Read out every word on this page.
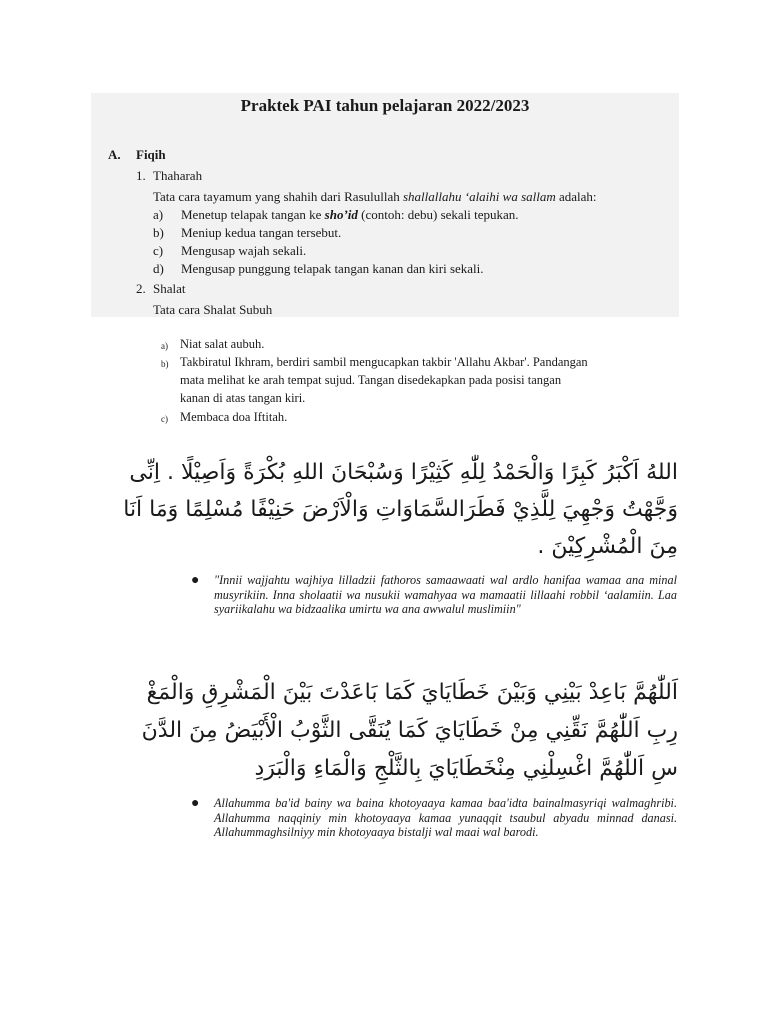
Praktek PAI tahun pelajaran 2022/2023
A. Fiqih
1. Thaharah
Tata cara tayamum yang shahih dari Rasulullah shallallahu ‘alaihi wa sallam adalah:
a) Menetup telapak tangan ke sho’id (contoh: debu) sekali tepukan.
b) Meniup kedua tangan tersebut.
c) Mengusap wajah sekali.
d) Mengusap punggung telapak tangan kanan dan kiri sekali.
2. Shalat
Tata cara Shalat Subuh
a) Niat salat aubuh.
b) Takbiratul Ikhram, berdiri sambil mengucapkan takbir 'Allahu Akbar'. Pandangan
mata melihat ke arah tempat sujud. Tangan disedekapkan pada posisi tangan
kanan di atas tangan kiri.
c) Membaca doa Iftitah.
اللهُ اَكْبَرُ كَبِرًا وَالْحَمْدُ لِلّٰهِ كَثِيْرًا وَسُبْحَانَ اللهِ بُكْرَةً وَاَصِيْلًا . اِنِّى
وَجَّهْتُ وَجْهِيَ لِلَّذِيْ فَطَرَالسَّمَاوَاتِ وَالْاَرْضَ حَنِيْفًا مُسْلِمًا وَمَا اَنَا
مِنَ الْمُشْرِكِيْنَ .
● "Innii wajjahtu wajhiya lilladzii fathoros samaawaati wal ardlo hanifaa wamaa ana minal musyrikiin. Inna sholaatii wa nusukii wamahyaa wa mamaatii lillaahi robbil ‘aalamiin. Laa syariikalahu wa bidzaalika umirtu wa ana awwalul muslimiin"
اَللّٰهُمَّ بَاعِدْ بَيْنِي وَبَيْنَ خَطَايَايَ كَمَا بَاعَدْتَ بَيْنَ الْمَشْرِقِ وَالْمَغْ
رِبِ اَللّٰهُمَّ نَقِّنِي مِنْ خَطَايَايَ كَمَا يُنَقَّى الثَّوْبُ الْأَبْيَضُ مِنَ الدَّنَ
سِ اَللّٰهُمَّ اغْسِلْنِي مِنْخَطَايَايَ بِالثَّلْجِ وَالْمَاءِ وَالْبَرَدِ
● Allahumma ba'id bainy wa baina khotoyaaya kamaa baa'idta bainalmasyriqi walmaghribi. Allahumma naqqiniy min khotoyaaya kamaa yunaqqit tsaubul abyadu minnad danasi. Allahummaghsilniyy min khotoyaaya bistalji wal maai wal barodi.
